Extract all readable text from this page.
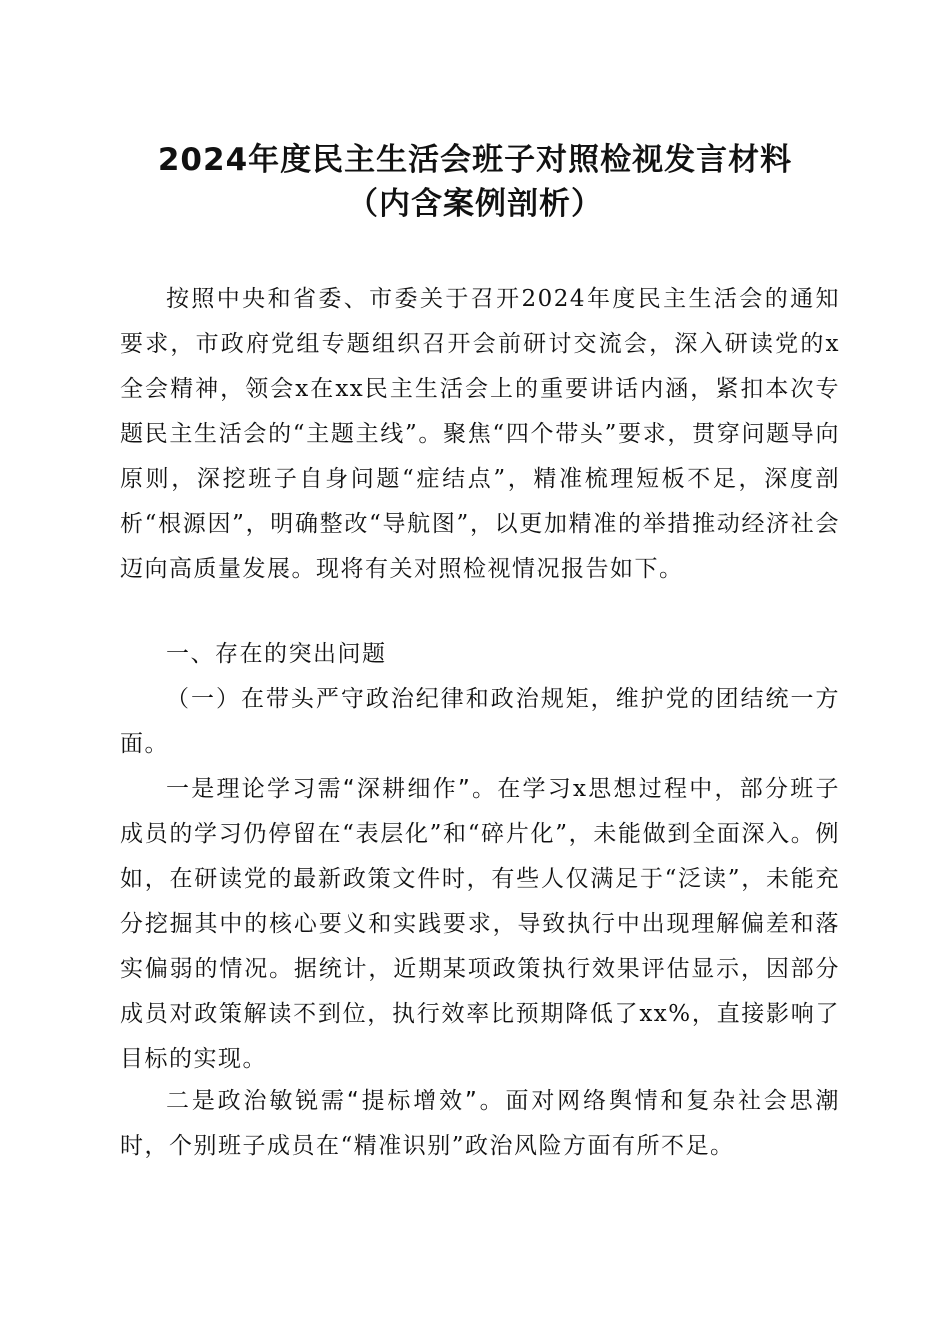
2024年度民主生活会班子对照检视发言材料
（内含案例剖析）

按照中央和省委、市委关于召开2024年度民主生活会的通知要求，市政府党组专题组织召开会前研讨交流会，深入研读党的x全会精神，领会x在xx民主生活会上的重要讲话内涵，紧扣本次专题民主生活会的“主题主线”。聚焦“四个带头”要求，贯穿问题导向原则，深挖班子自身问题“症结点”，精准梳理短板不足，深度剖析“根源因”，明确整改“导航图”，以更加精准的举措推动经济社会迈向高质量发展。现将有关对照检视情况报告如下。

一、存在的突出问题

（一）在带头严守政治纪律和政治规矩，维护党的团结统一方面。

一是理论学习需“深耕细作”。在学习x思想过程中，部分班子成员的学习仍停留在“表层化”和“碎片化”，未能做到全面深入。例如，在研读党的最新政策文件时，有些人仅满足于“泛读”，未能充分挖掘其中的核心要义和实践要求，导致执行中出现理解偏差和落实偏弱的情况。据统计，近期某项政策执行效果评估显示，因部分成员对政策解读不到位，执行效率比预期降低了xx%，直接影响了目标的实现。

二是政治敏锐需“提标增效”。面对网络舆情和复杂社会思潮时，个别班子成员在“精准识别”政治风险方面有所不足。
